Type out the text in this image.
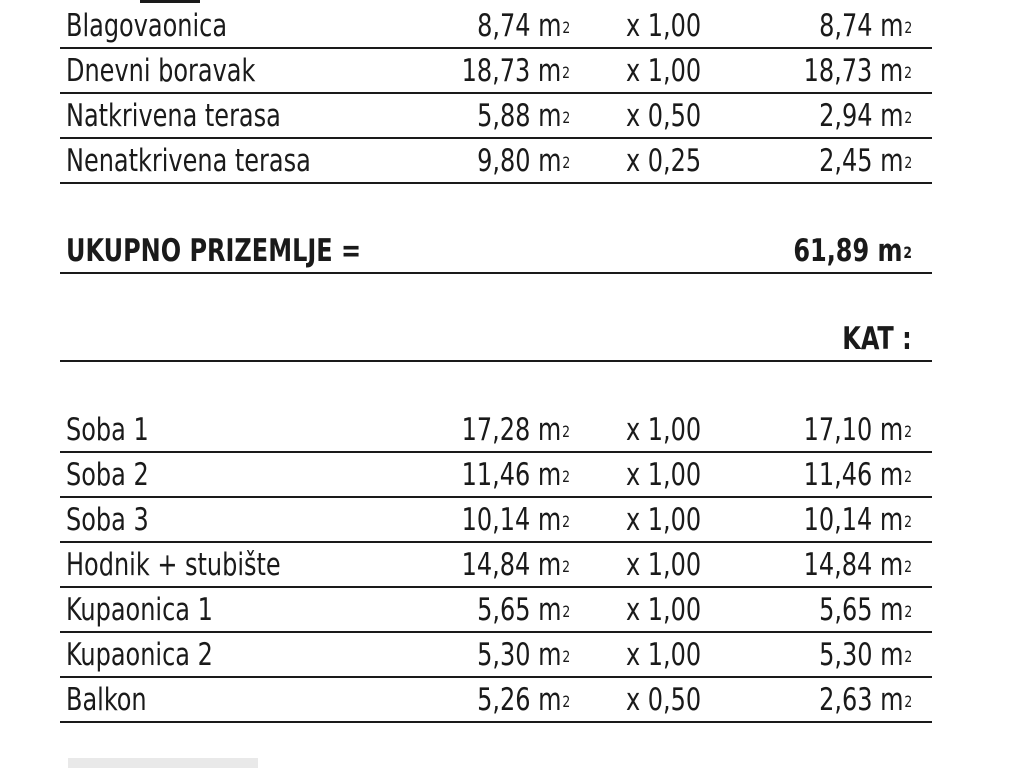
Blagovaonica	8,74 $m^2$ x 1,00	8,74 $m^2$
Dnevni boravak	18,73 $m^2$ x 1,00	18,73 $m^2$
Natkrivena terasa	5,88 $m^2$ x 0,50	2,94 $m^2$
Nenatkrivena terasa	9,80 $m^2$ x 0,25	2,45 $m^2$
UKUPNO PRIZEMLJE =	61,89 $m^2$
KAT :
Soba 1	17,28 $m^2$ x 1,00	17,10 $m^2$
Soba 2	11,46 $m^2$ x 1,00	11,46 $m^2$
Soba 3	10,14 $m^2$ x 1,00	10,14 $m^2$
Hodnik + stubište	14,84 $m^2$ x 1,00	14,84 $m^2$
Kupaonica 1	5,65 $m^2$ x 1,00	5,65 $m^2$
Kupaonica 2	5,30 $m^2$ x 1,00	5,30 $m^2$
Balkon	5,26 $m^2$ x 0,50	2,63 $m^2$
